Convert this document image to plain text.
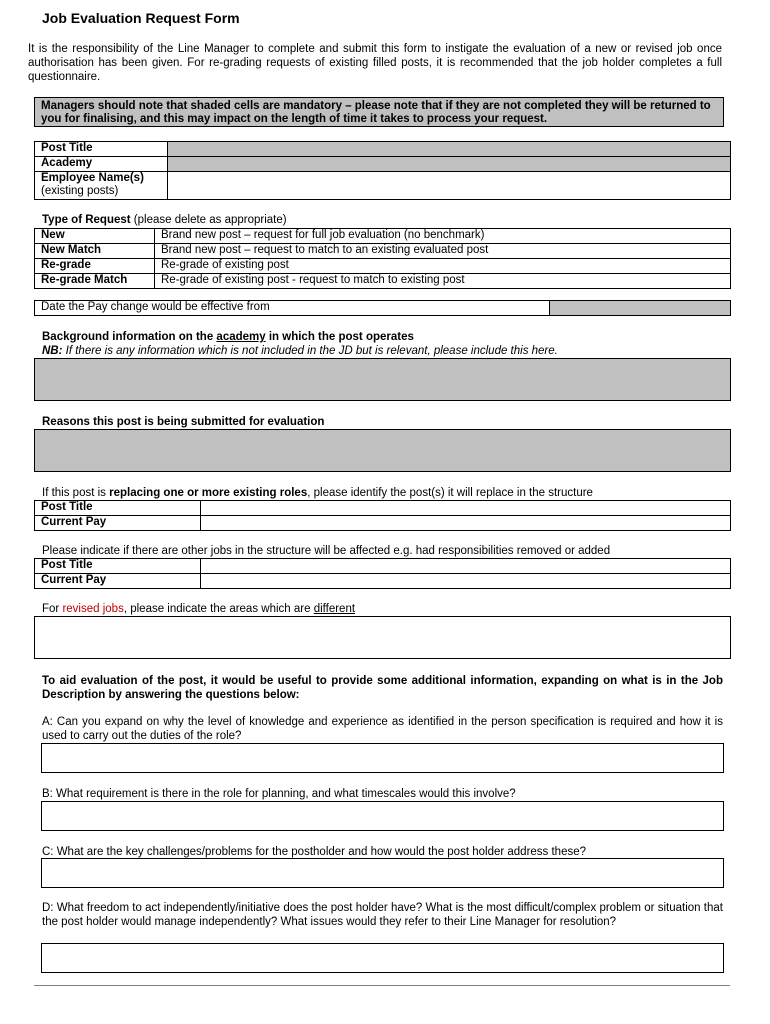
Job Evaluation Request Form
It is the responsibility of the Line Manager to complete and submit this form to instigate the evaluation of a new or revised job once authorisation has been given. For re-grading requests of existing filled posts, it is recommended that the job holder completes a full questionnaire.
Managers should note that shaded cells are mandatory – please note that if they are not completed they will be returned to you for finalising, and this may impact on the length of time it takes to process your request.
Post Title	
Academy	

Employee Name(s)
(existing posts)	

Type of Request (please delete as appropriate)
New	Brand new post – request for full job evaluation (no benchmark)
New Match	Brand new post – request to match to an existing evaluated post
Re-grade	Re-grade of existing post
Re-grade Match	Re-grade of existing post - request to match to existing post
Date the Pay change would be effective from	
Background information on the academy in which the post operates
NB: If there is any information which is not included in the JD but is relevant, please include this here.
Reasons this post is being submitted for evaluation
If this post is replacing one or more existing roles, please identify the post(s) it will replace in the structure
Post Title	
Current Pay	
Please indicate if there are other jobs in the structure will be affected e.g. had responsibilities removed or added
Post Title	
Current Pay	
For revised jobs, please indicate the areas which are different
To aid evaluation of the post, it would be useful to provide some additional information, expanding on what is in the Job Description by answering the questions below:
A: Can you expand on why the level of knowledge and experience as identified in the person specification is required and how it is used to carry out the duties of the role?
B: What requirement is there in the role for planning, and what timescales would this involve?
C: What are the key challenges/problems for the postholder and how would the post holder address these?
D: What freedom to act independently/initiative does the post holder have? What is the most difficult/complex problem or situation that the post holder would manage independently? What issues would they refer to their Line Manager for resolution?
